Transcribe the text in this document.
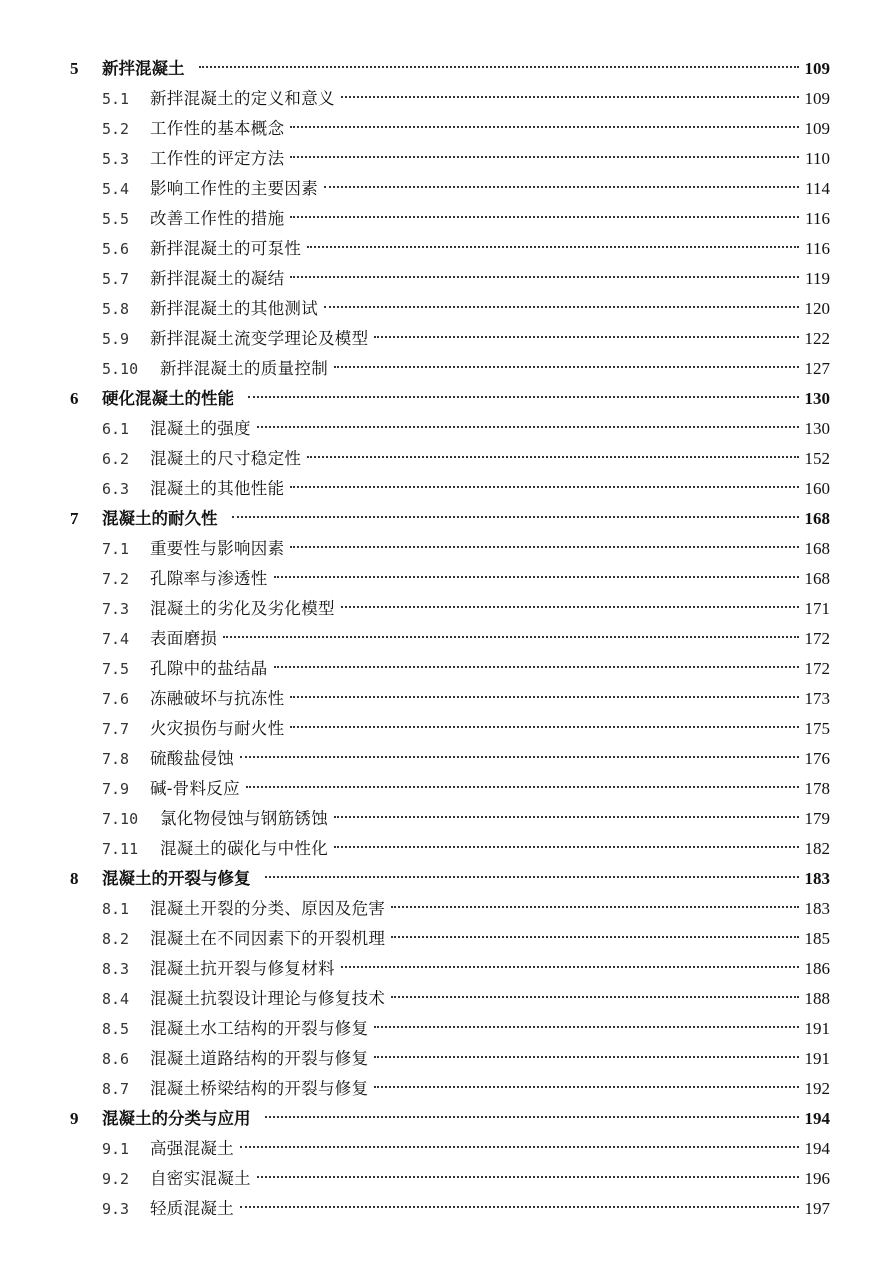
5	新拌混凝土	109
5.1	新拌混凝土的定义和意义	109
5.2	工作性的基本概念	109
5.3	工作性的评定方法	110
5.4	影响工作性的主要因素	114
5.5	改善工作性的措施	116
5.6	新拌混凝土的可泵性	116
5.7	新拌混凝土的凝结	119
5.8	新拌混凝土的其他测试	120
5.9	新拌混凝土流变学理论及模型	122
5.10	新拌混凝土的质量控制	127
6	硬化混凝土的性能	130
6.1	混凝土的强度	130
6.2	混凝土的尺寸稳定性	152
6.3	混凝土的其他性能	160
7	混凝土的耐久性	168
7.1	重要性与影响因素	168
7.2	孔隙率与渗透性	168
7.3	混凝土的劣化及劣化模型	171
7.4	表面磨损	172
7.5	孔隙中的盐结晶	172
7.6	冻融破坏与抗冻性	173
7.7	火灾损伤与耐火性	175
7.8	硫酸盐侵蚀	176
7.9	碱-骨料反应	178
7.10	氯化物侵蚀与钢筋锈蚀	179
7.11	混凝土的碳化与中性化	182
8	混凝土的开裂与修复	183
8.1	混凝土开裂的分类、原因及危害	183
8.2	混凝土在不同因素下的开裂机理	185
8.3	混凝土抗开裂与修复材料	186
8.4	混凝土抗裂设计理论与修复技术	188
8.5	混凝土水工结构的开裂与修复	191
8.6	混凝土道路结构的开裂与修复	191
8.7	混凝土桥梁结构的开裂与修复	192
9	混凝土的分类与应用	194
9.1	高强混凝土	194
9.2	自密实混凝土	196
9.3	轻质混凝土	197
